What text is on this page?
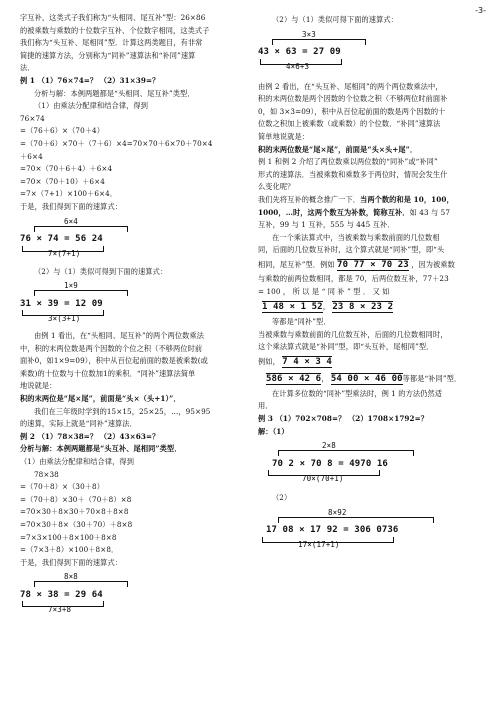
-3-
字互补，这类式子我们称为“头相同、尾互补”型：26×86
的被乘数与乘数的十位数字互补、个位数字相同，这类式子
我们称为“头互补、尾相同”型．计算这两类题目，有非常
简捷的速算方法，分别称为“同补”速算法和“补同”速算
法．
例 1 （1）76×74=？ （2）31×39=？
分析与解：本例两题都是“头相同、尾互补”类型．
（1）由乘法分配律和结合律，得到
76×74
=（76＋6）×（70＋4）
=（70＋6）×70＋（7＋6）×4=70×70＋6×70＋70×4
＋6×4
=70×（70＋6＋4）＋6×4
=70×（70＋10）＋6×4
=7×（7+1）×100＋6×4．
于是，我们得到下面的速算式：
6×4
76 × 74 = 56 24
7×(7+1)
（2）与（1）类似可得到下面的速算式：
1×9
31 × 39 = 12 09
3×(3+1)
由例 1 看出，在“头相同、尾互补”的两个两位数乘法
中，积的末两位数是两个因数的个位之积（不够两位时前
面补0，如1×9=09），积中从百位起前面的数是被乘数(或
乘数)的十位数与十位数加1的乘积．“同补”速算法简单
地说就是：
积的末两位是“尾×尾”，前面是“头×（头+1）”．
我们在三年级时学到的15×15，25×25，…，95×95
的速算，实际上就是“同补”速算法．
例 2 （1）78×38=？ （2）43×63=？
分析与解：本例两题都是“头互补、尾相同”类型．
（1）由乘法分配律和结合律，得到
78×38
=（70＋8）×（30＋8）
=（70＋8）×30＋（70＋8）×8
=70×30＋8×30＋70×8＋8×8
=70×30＋8×（30＋70）＋8×8
=7×3×100＋8×100＋8×8
=（7×3＋8）×100＋8×8．
于是，我们得到下面的速算式：
8×8
78 × 38 = 29 64
7×3+8
（2）与（1）类似可得下面的速算式：
3×3
43 × 63 = 27 09
4×6+3
由例 2 看出，在“头互补、尾相同”的两个两位数乘法中，
积的末两位数是两个因数的个位数之积（不够两位时前面补
0，如 3×3=09），积中从百位起前面的数是两个因数的十
位数之积加上被乘数（或乘数）的个位数．“补同”速算法
简单地说就是：
积的末两位数是“尾×尾”，前面是“头×头+尾”．
例 1 和例 2 介绍了两位数乘以两位数的“同补”或“补同”
形式的速算法．当被乘数和乘数多于两位时，情况会发生什
么变化呢？
我们先将互补的概念推广一下．当两个数的和是 10，100，
1000，…时，这两个数互为补数，简称互补．如 43 与 57
互补，99 与 1 互补，555 与 445 互补．
在一个乘法算式中，当被乘数与乘数前面的几位数相
同，后面的几位数互补时，这个算式就是“同补”型，即“头
相同，尾互补”型．例如 70 77 × 70 23 ，因为被乘数
与乘数的前两位数相同，都是 70，后两位数互补，77＋23
= 100 ， 所 以 是 “ 同 补 ” 型 ． 又 如
1 48 × 1 52， 23 8 × 23 2
等都是“同补”型．
当被乘数与乘数前面的几位数互补，后面的几位数相同时，
这个乘法算式就是“补同”型，即“头互补，尾相同”型．
例如， 7 4 × 3 4
586 × 42 6， 54 00 × 46 00等都是“补同”型．
在计算多位数的“同补”型乘法时，例 1 的方法仍然适
用．
例 3 （1）702×708=？ （2）1708×1792=？
解：（1）
2×8
70 2 × 70 8 = 4970 16
70×(70+1)
（2）
8×92
17 08 × 17 92 = 306 0736
17×(17+1)
